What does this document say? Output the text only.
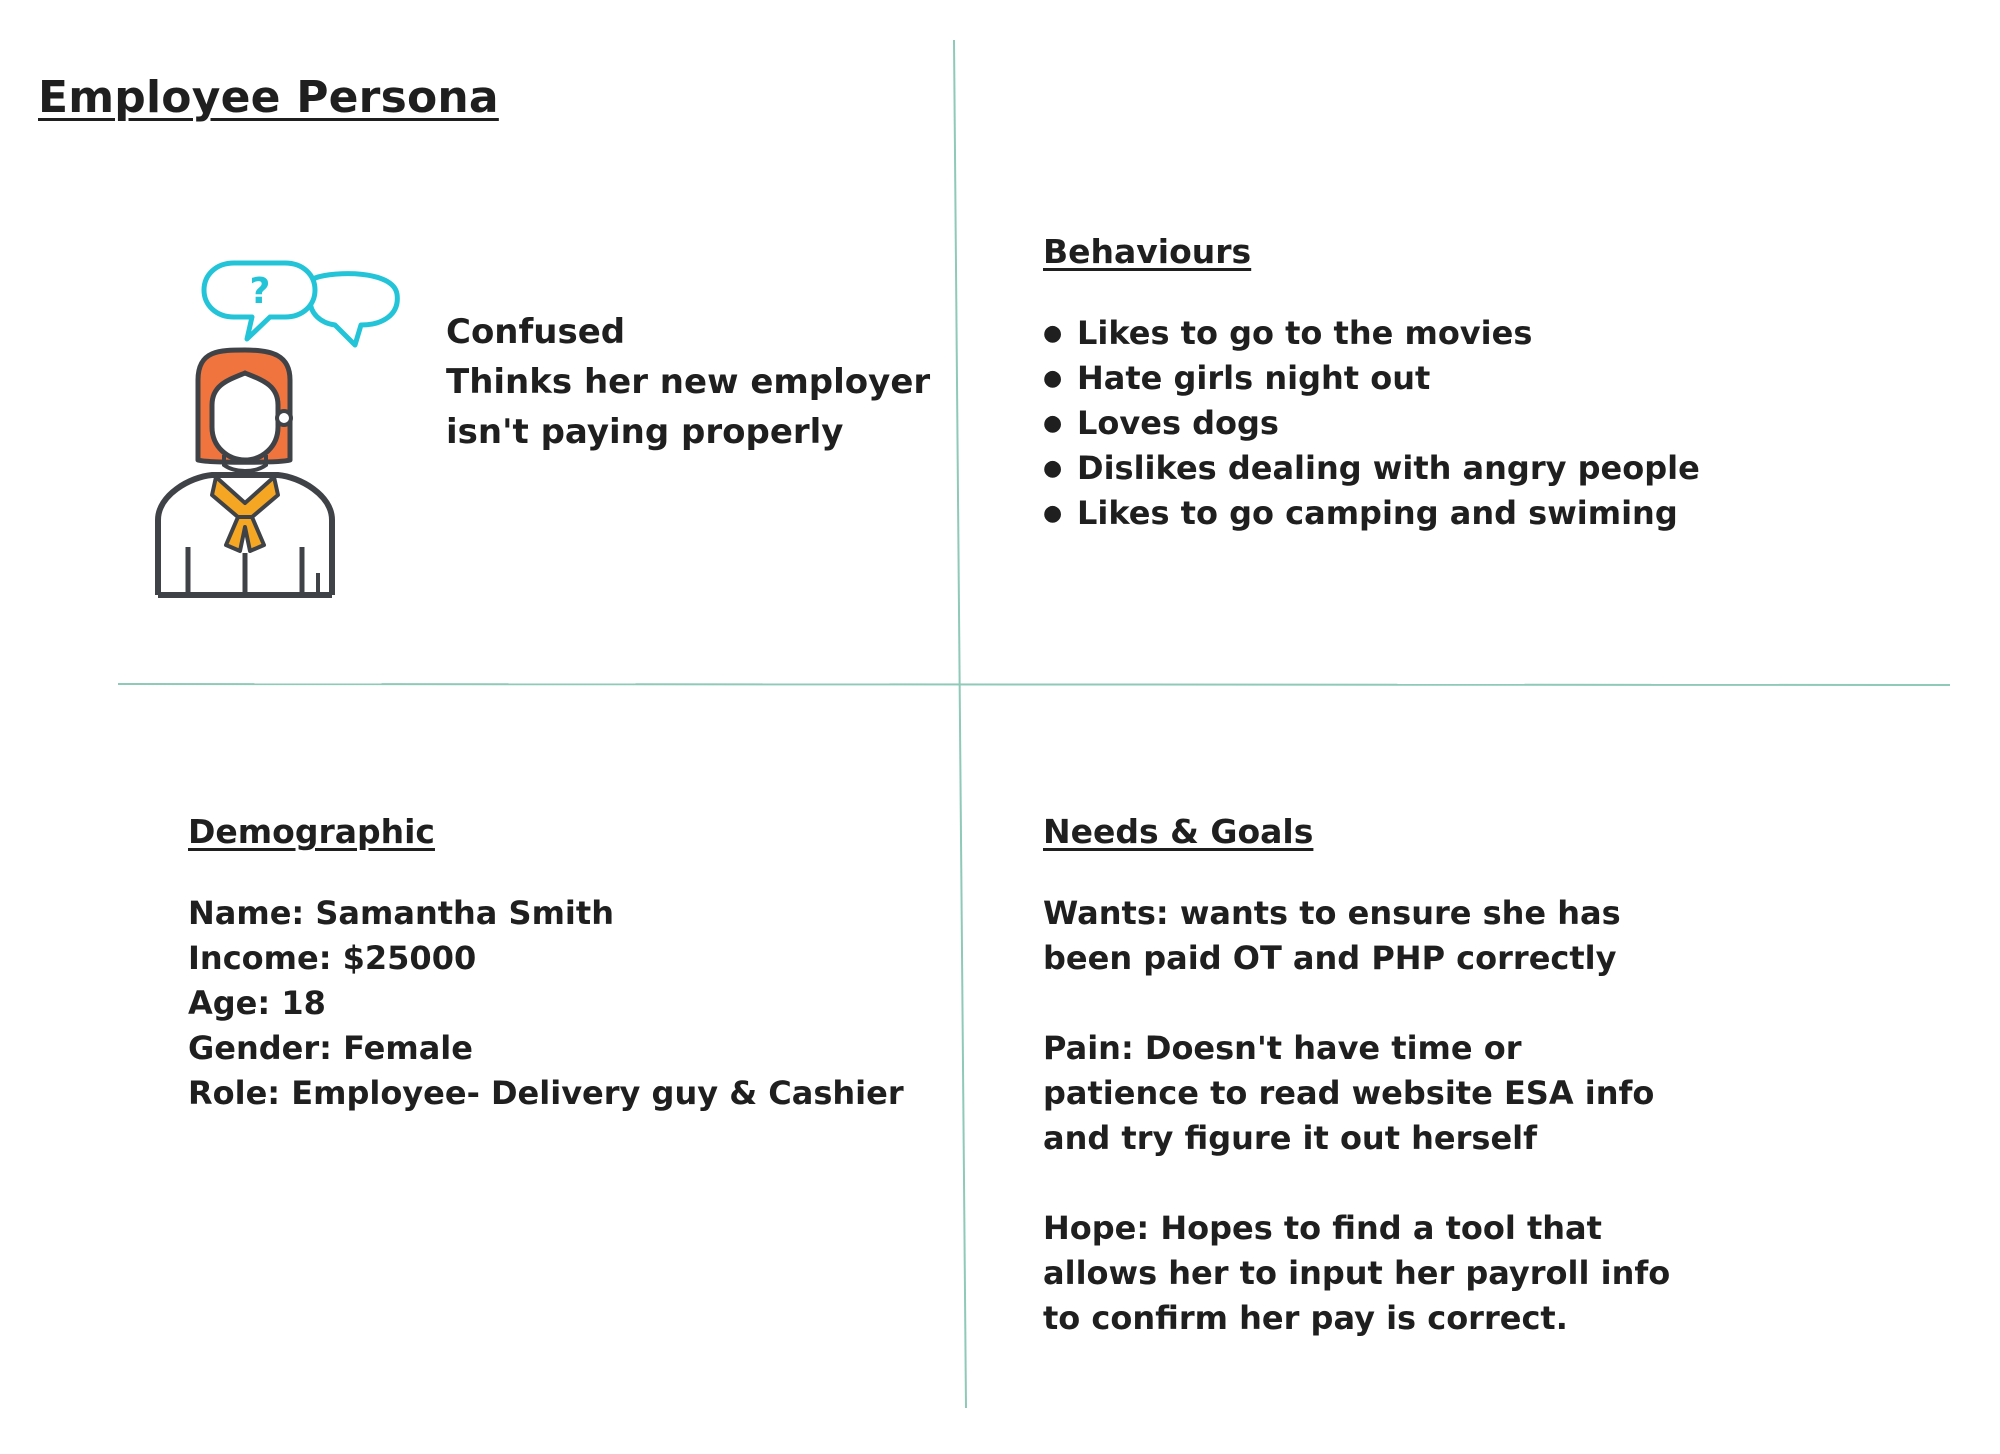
Employee Persona
?
Confused
Thinks her new employer
isn't paying properly
Behaviours
● Likes to go to the movies
● Hate girls night out
● Loves dogs
● Dislikes dealing with angry people
● Likes to go camping and swiming
Demographic
Name: Samantha Smith
Income: $25000
Age: 18
Gender: Female
Role: Employee- Delivery guy & Cashier
Needs & Goals
Wants: wants to ensure she has been paid OT and PHP correctly
Pain: Doesn't have time or patience to read website ESA info and try figure it out herself
Hope: Hopes to find a tool that allows her to input her payroll info to confirm her pay is correct.
